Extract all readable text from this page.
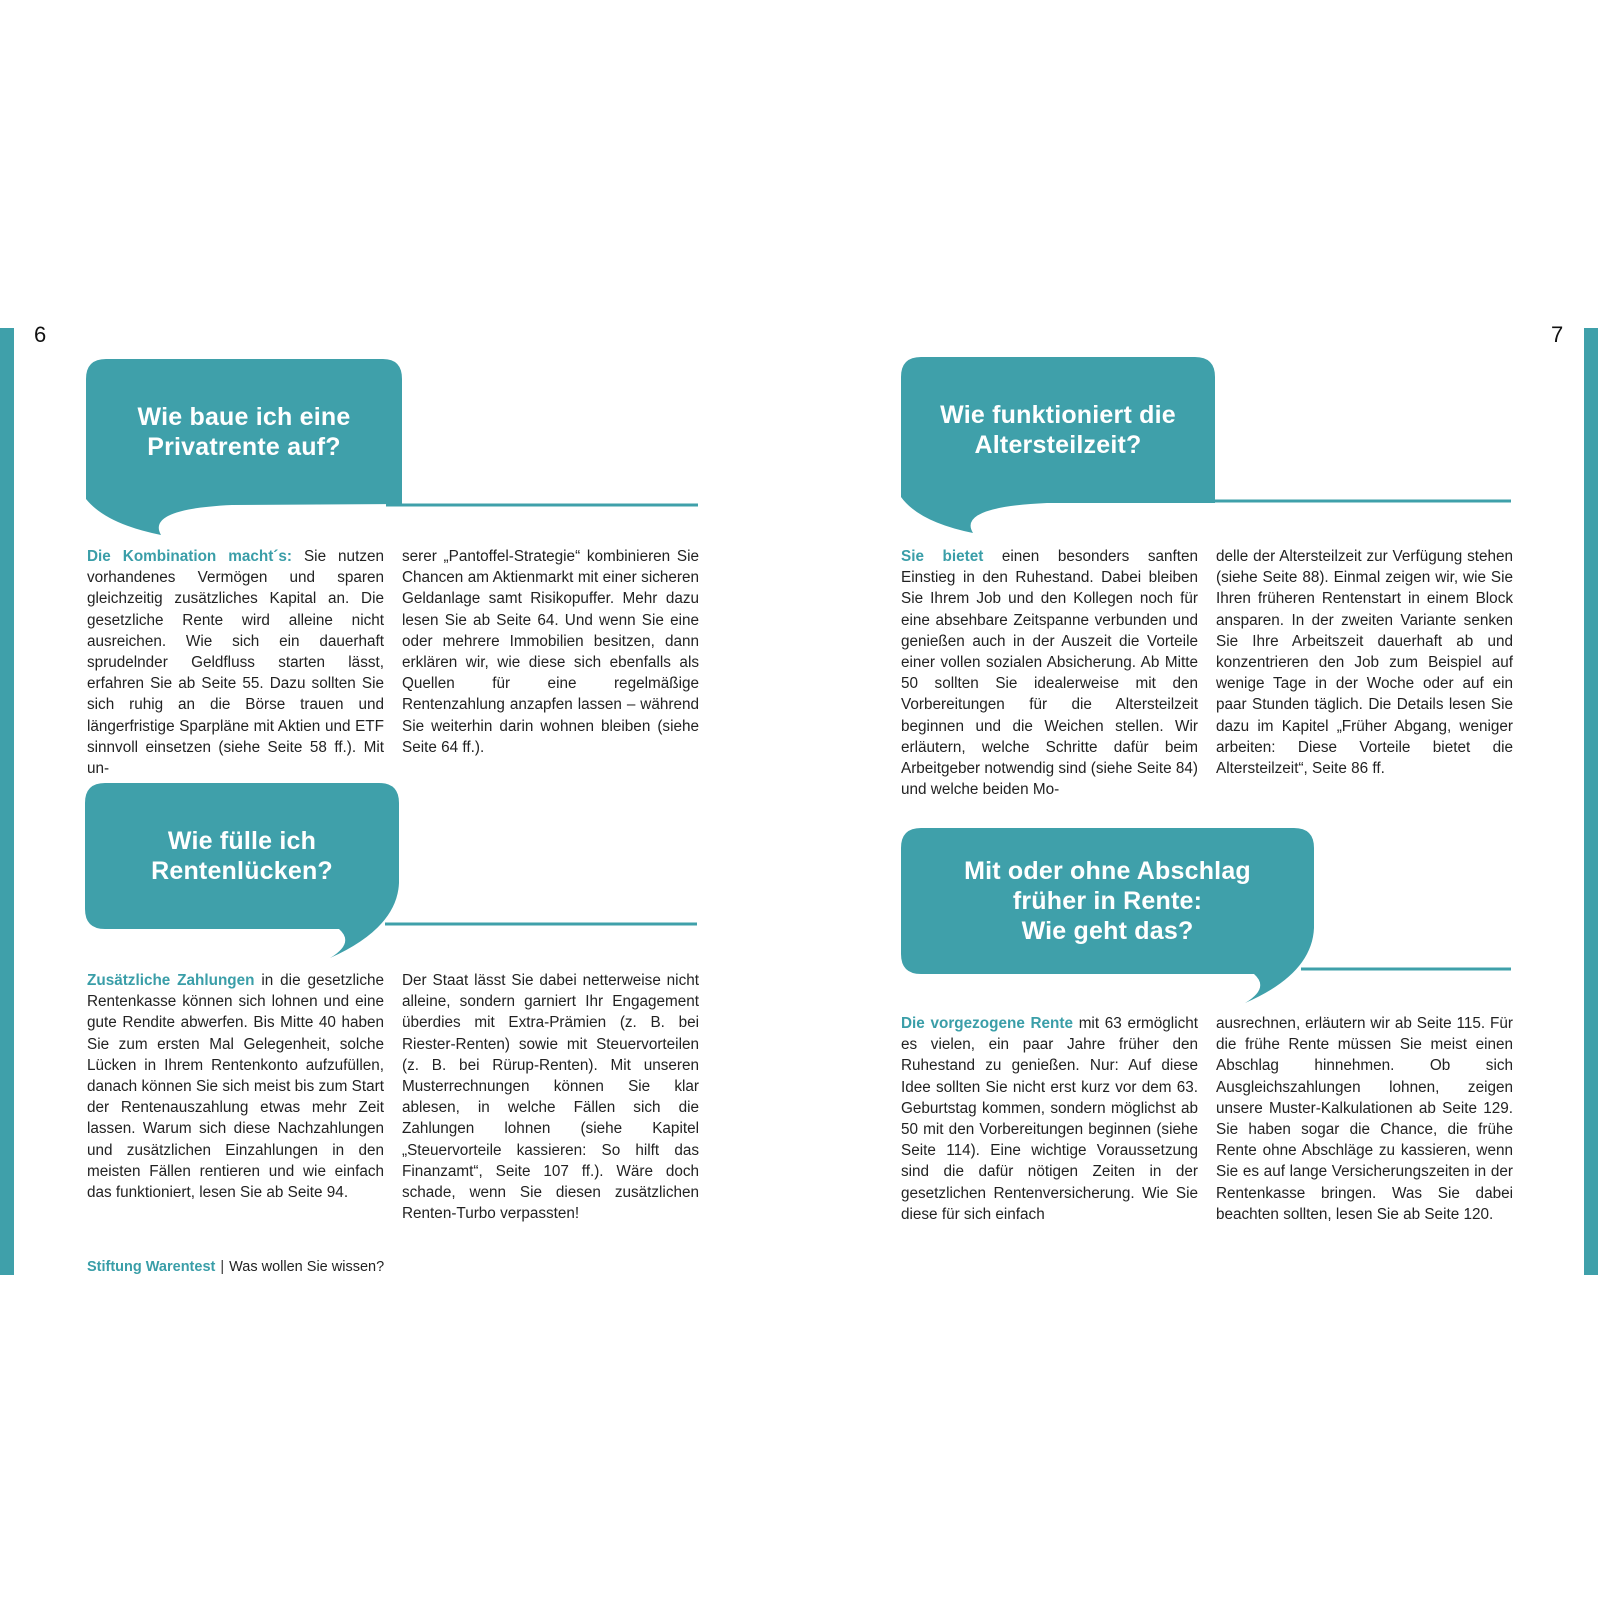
6	7
Wie baue ich eine
Privatrente auf?
Die Kombination macht´s: Sie nutzen vorhandenes Vermögen und sparen gleichzeitig zusätzliches Kapital an. Die gesetzliche Rente wird alleine nicht ausreichen. Wie sich ein dauerhaft sprudelnder Geldfluss starten lässt, erfahren Sie ab Seite 55. Dazu sollten Sie sich ruhig an die Börse trauen und längerfristige Sparpläne mit Aktien und ETF sinnvoll einsetzen (siehe Seite 58 ff.). Mit un-
serer „Pantoffel-Strategie“ kombinieren Sie Chancen am Aktienmarkt mit einer sicheren Geldanlage samt Risikopuffer. Mehr dazu lesen Sie ab Seite 64. Und wenn Sie eine oder mehrere Immobilien besitzen, dann erklären wir, wie diese sich ebenfalls als Quellen für eine regelmäßige Rentenzahlung anzapfen lassen – während Sie weiterhin darin wohnen bleiben (siehe Seite 64 ff.).
Wie fülle ich
Rentenlücken?
Zusätzliche Zahlungen in die gesetzliche Rentenkasse können sich lohnen und eine gute Rendite abwerfen. Bis Mitte 40 haben Sie zum ersten Mal Gelegenheit, solche Lücken in Ihrem Rentenkonto aufzufüllen, danach können Sie sich meist bis zum Start der Rentenauszahlung etwas mehr Zeit lassen. Warum sich diese Nachzahlungen und zusätzlichen Einzahlungen in den meisten Fällen rentieren und wie einfach das funktioniert, lesen Sie ab Seite 94.
Der Staat lässt Sie dabei netterweise nicht alleine, sondern garniert Ihr Engagement überdies mit Extra-Prämien (z. B. bei Riester-Renten) sowie mit Steuervorteilen (z. B. bei Rürup-Renten). Mit unseren Musterrechnungen können Sie klar ablesen, in welche Fällen sich die Zahlungen lohnen (siehe Kapitel „Steuervorteile kassieren: So hilft das Finanzamt“, Seite 107 ff.). Wäre doch schade, wenn Sie diesen zusätzlichen Renten-Turbo verpassten!
Wie funktioniert die
Altersteilzeit?
Sie bietet einen besonders sanften Einstieg in den Ruhestand. Dabei bleiben Sie Ihrem Job und den Kollegen noch für eine absehbare Zeitspanne verbunden und genießen auch in der Auszeit die Vorteile einer vollen sozialen Absicherung. Ab Mitte 50 sollten Sie idealerweise mit den Vorbereitungen für die Altersteilzeit beginnen und die Weichen stellen. Wir erläutern, welche Schritte dafür beim Arbeitgeber notwendig sind (siehe Seite 84) und welche beiden Mo-
delle der Altersteilzeit zur Verfügung stehen (siehe Seite 88). Einmal zeigen wir, wie Sie Ihren früheren Rentenstart in einem Block ansparen. In der zweiten Variante senken Sie Ihre Arbeitszeit dauerhaft ab und konzentrieren den Job zum Beispiel auf wenige Tage in der Woche oder auf ein paar Stunden täglich. Die Details lesen Sie dazu im Kapitel „Früher Abgang, weniger arbeiten: Diese Vorteile bietet die Altersteilzeit“, Seite 86 ff.
Mit oder ohne Abschlag
früher in Rente:
Wie geht das?
Die vorgezogene Rente mit 63 ermöglicht es vielen, ein paar Jahre früher den Ruhestand zu genießen. Nur: Auf diese Idee sollten Sie nicht erst kurz vor dem 63. Geburtstag kommen, sondern möglichst ab 50 mit den Vorbereitungen beginnen (siehe Seite 114). Eine wichtige Voraussetzung sind die dafür nötigen Zeiten in der gesetzlichen Rentenversicherung. Wie Sie diese für sich einfach
ausrechnen, erläutern wir ab Seite 115. Für die frühe Rente müssen Sie meist einen Abschlag hinnehmen. Ob sich Ausgleichszahlungen lohnen, zeigen unsere Muster-Kalkulationen ab Seite 129. Sie haben sogar die Chance, die frühe Rente ohne Abschläge zu kassieren, wenn Sie es auf lange Versicherungszeiten in der Rentenkasse bringen. Was Sie dabei beachten sollten, lesen Sie ab Seite 120.
Stiftung Warentest | Was wollen Sie wissen?
